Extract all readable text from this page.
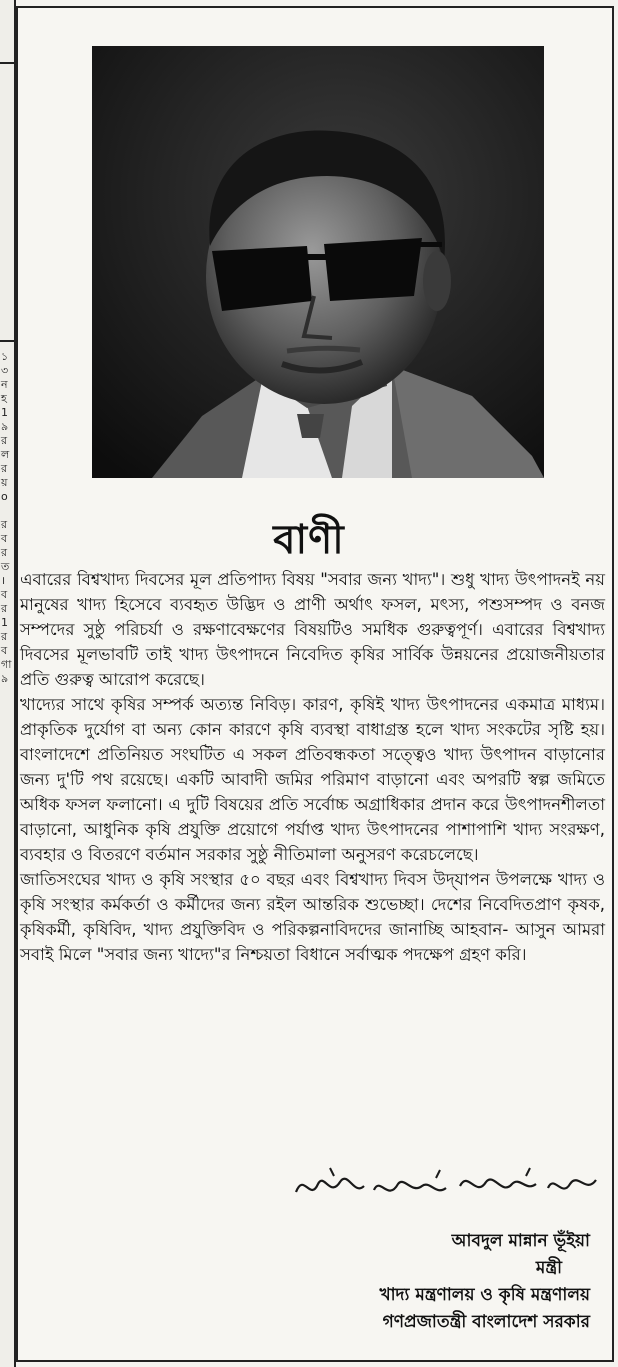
১
৩
ন
হ
1
৯
র
ল
র
য়
o

র
ব
র
ত
।
ব
র
1
র
ব
গা
৯
বাণী

এবারের বিশ্বখাদ্য দিবসের মূল প্রতিপাদ্য বিষয় "সবার জন্য খাদ্য"। শুধু খাদ্য উৎপাদনই নয় মানুষের খাদ্য হিসেবে ব্যবহৃত উদ্ভিদ ও প্রাণী অর্থাৎ ফসল, মৎস্য, পশুসম্পদ ও বনজ সম্পদের সুষ্ঠু পরিচর্যা ও রক্ষণাবেক্ষণের বিষয়টিও সমধিক গুরুত্বপূর্ণ। এবারের বিশ্বখাদ্য দিবসের মূলভাবটি তাই খাদ্য উৎপাদনে নিবেদিত কৃষির সার্বিক উন্নয়নের প্রয়োজনীয়তার প্রতি গুরুত্ব আরোপ করেছে।

খাদ্যের সাথে কৃষির সম্পর্ক অত্যন্ত নিবিড়। কারণ, কৃষিই খাদ্য উৎপাদনের একমাত্র মাধ্যম। প্রাকৃতিক দুর্যোগ বা অন্য কোন কারণে কৃষি ব্যবস্থা বাধাগ্রস্ত হলে খাদ্য সংকটের সৃষ্টি হয়। বাংলাদেশে প্রতিনিয়ত সংঘটিত এ সকল প্রতিবন্ধকতা সত্ত্বেও খাদ্য উৎপাদন বাড়ানোর জন্য দু'টি পথ রয়েছে। একটি আবাদী জমির পরিমাণ বাড়ানো এবং অপরটি স্বল্প জমিতে অধিক ফসল ফলানো। এ দুটি বিষয়ের প্রতি সর্বোচ্চ অগ্রাধিকার প্রদান করে উৎপাদনশীলতা বাড়ানো, আধুনিক কৃষি প্রযুক্তি প্রয়োগে পর্যাপ্ত খাদ্য উৎপাদনের পাশাপাশি খাদ্য সংরক্ষণ, ব্যবহার ও বিতরণে বর্তমান সরকার সুষ্ঠু নীতিমালা অনুসরণ করেচলেছে।

জাতিসংঘের খাদ্য ও কৃষি সংস্থার ৫০ বছর এবং বিশ্বখাদ্য দিবস উদ্‌যাপন উপলক্ষে খাদ্য ও কৃষি সংস্থার কর্মকর্তা ও কর্মীদের জন্য রইল আন্তরিক শুভেচ্ছা। দেশের নিবেদিতপ্রাণ কৃষক, কৃষিকর্মী, কৃষিবিদ, খাদ্য প্রযুক্তিবিদ ও পরিকল্পনাবিদদের জানাচ্ছি আহবান- আসুন আমরা সবাই মিলে "সবার জন্য খাদ্যে"র নিশ্চয়তা বিধানে সর্বাত্মক পদক্ষেপ গ্রহণ করি।

আবদুল মান্নান ভূঁইয়া
মন্ত্রী
খাদ্য মন্ত্রণালয় ও কৃষি মন্ত্রণালয়
গণপ্রজাতন্ত্রী বাংলাদেশ সরকার
